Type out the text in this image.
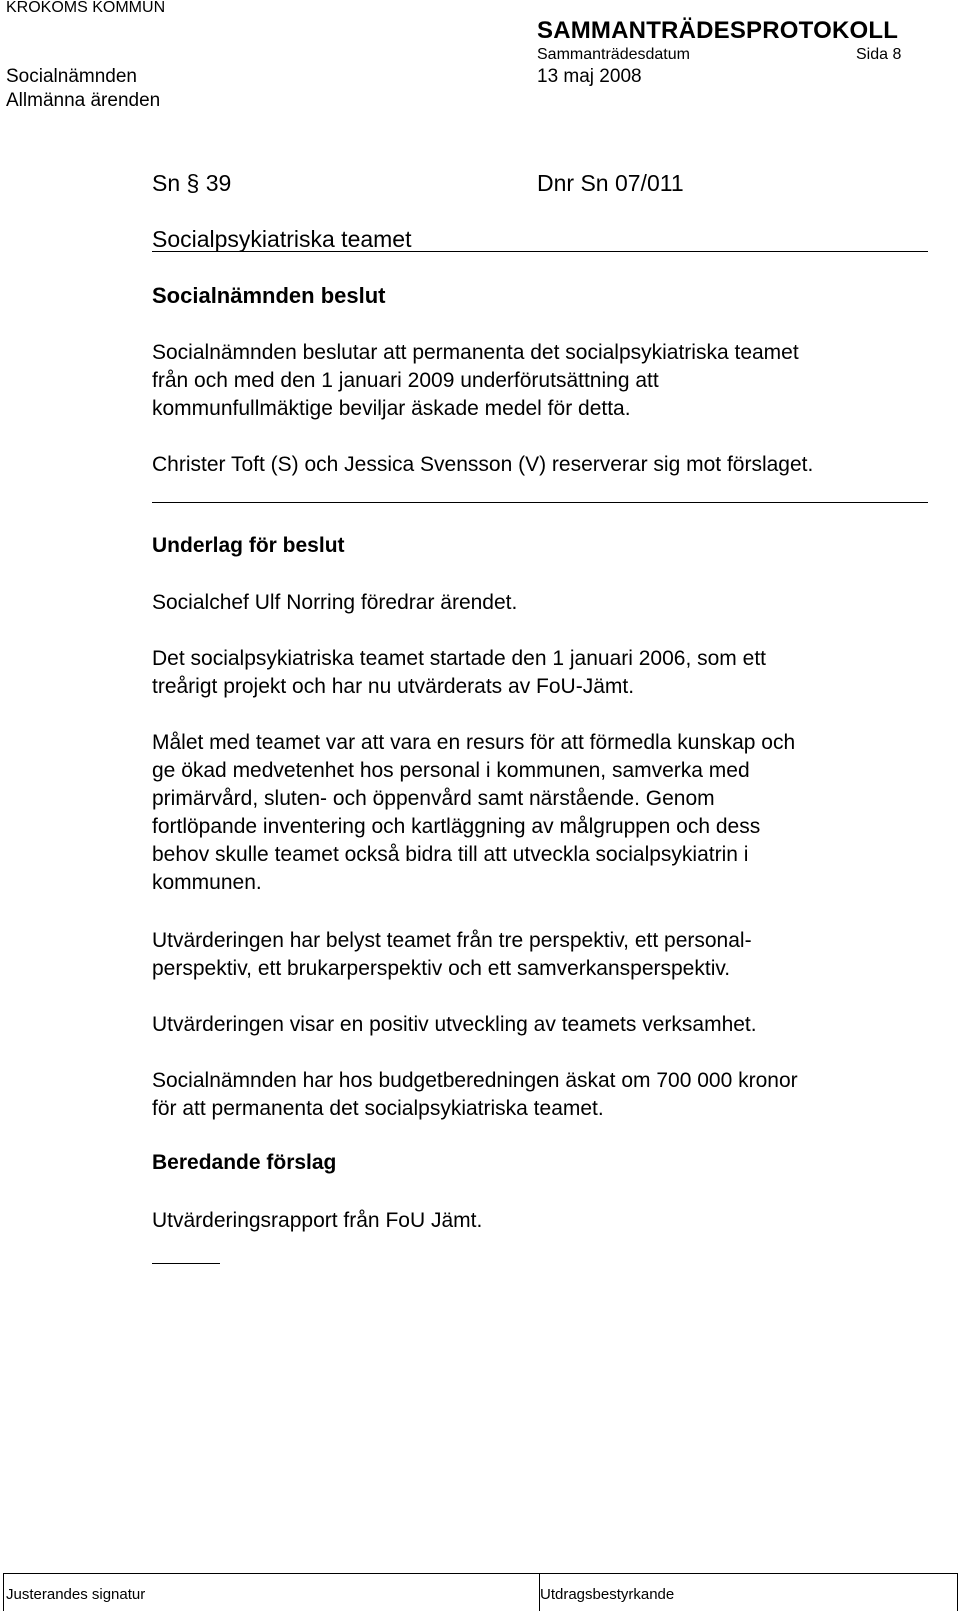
KROKOMS KOMMUN
SAMMANTRÄDESPROTOKOLL
Sammanträdesdatum	Sida 8
Socialnämnden	13 maj 2008
Allmänna ärenden
Sn § 39	Dnr Sn 07/011
Socialpsykiatriska teamet
Socialnämnden beslut
Socialnämnden beslutar att permanenta det socialpsykiatriska teamet
från och med den 1 januari 2009 underförutsättning att
kommunfullmäktige beviljar äskade medel för detta.
Christer Toft (S) och Jessica Svensson (V) reserverar sig mot förslaget.
Underlag för beslut
Socialchef Ulf Norring föredrar ärendet.
Det socialpsykiatriska teamet startade den 1 januari 2006, som ett
treårigt projekt och har nu utvärderats av FoU-Jämt.
Målet med teamet var att vara en resurs för att förmedla kunskap och
ge ökad medvetenhet hos personal i kommunen, samverka med
primärvård, sluten- och öppenvård samt närstående. Genom
fortlöpande inventering och kartläggning av målgruppen och dess
behov skulle teamet också bidra till att utveckla socialpsykiatrin i
kommunen.
Utvärderingen har belyst teamet från tre perspektiv, ett personal-
perspektiv, ett brukarperspektiv och ett samverkansperspektiv.
Utvärderingen visar en positiv utveckling av teamets verksamhet.
Socialnämnden har hos budgetberedningen äskat om 700 000 kronor
för att permanenta det socialpsykiatriska teamet.
Beredande förslag
Utvärderingsrapport från FoU Jämt.
Justerandes signatur	Utdragsbestyrkande
